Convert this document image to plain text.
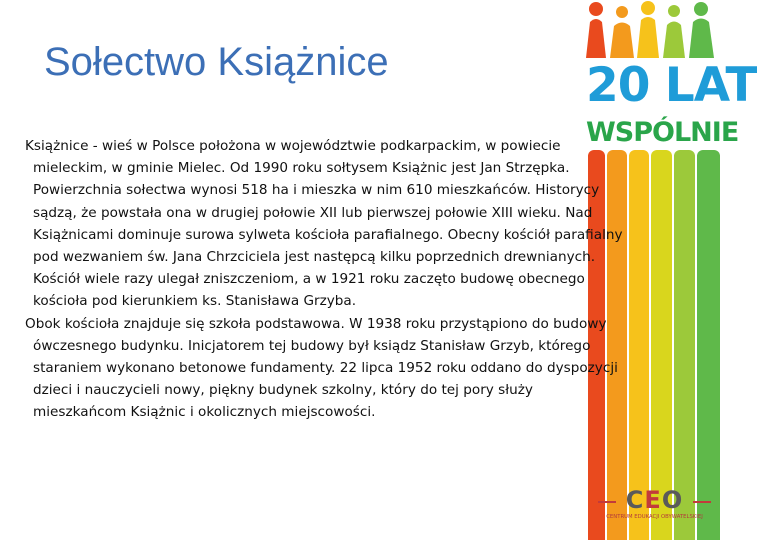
20 LAT
WSPÓLNIE
Sołectwo Książnice

Książnice - wieś w Polsce położona w województwie podkarpackim, w powiecie mieleckim, w gminie Mielec. Od 1990 roku sołtysem Książnic jest Jan Strzępka. Powierzchnia sołectwa wynosi 518 ha i mieszka w nim 610 mieszkańców. Historycy sądzą, że powstała ona w drugiej połowie XII lub pierwszej połowie XIII wieku. Nad Książnicami dominuje surowa sylweta kościoła parafialnego. Obecny kościół parafialny pod wezwaniem św. Jana Chrzciciela jest następcą kilku poprzednich drewnianych. Kościół wiele razy ulegał zniszczeniom, a w 1921 roku zaczęto budowę obecnego kościoła pod kierunkiem ks. Stanisława Grzyba.

Obok kościoła znajduje się szkoła podstawowa. W 1938 roku przystąpiono do budowy ówczesnego budynku. Inicjatorem tej budowy był ksiądz Stanisław Grzyb, którego staraniem wykonano betonowe fundamenty. 22 lipca 1952 roku oddano do dyspozycji dzieci i nauczycieli nowy, piękny budynek szkolny, który do tej pory służy mieszkańcom Książnic i okolicznych miejscowości.

CEO
CENTRUM EDUKACJI OBYWATELSKIEJ
